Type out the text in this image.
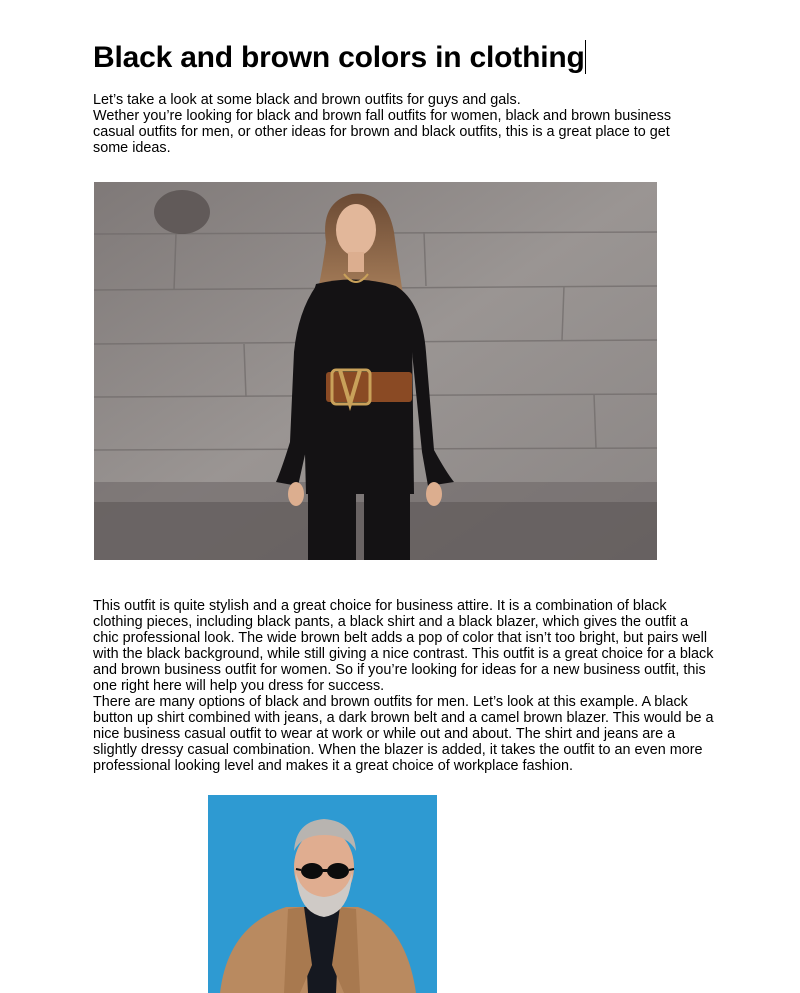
Black and brown colors in clothing

Let’s take a look at some black and brown outfits for guys and gals.

Wether you’re looking for black and brown fall outfits for women, black and brown business casual outfits for men, or other ideas for brown and black outfits, this is a great place to get some ideas.

This outfit is quite stylish and a great choice for business attire. It is a combination of black clothing pieces, including black pants, a black shirt and a black blazer, which gives the outfit a chic professional look. The wide brown belt adds a pop of color that isn’t too bright, but pairs well with the black background, while still giving a nice contrast. This outfit is a great choice for a black and brown business outfit for women. So if you’re looking for ideas for a new business outfit, this one right here will help you dress for success.

There are many options of black and brown outfits for men. Let’s look at this example. A black button up shirt combined with jeans, a dark brown belt and a camel brown blazer. This would be a nice business casual outfit to wear at work or while out and about. The shirt and jeans are a slightly dressy casual combination. When the blazer is added, it takes the outfit to an even more professional looking level and makes it a great choice of workplace fashion.
